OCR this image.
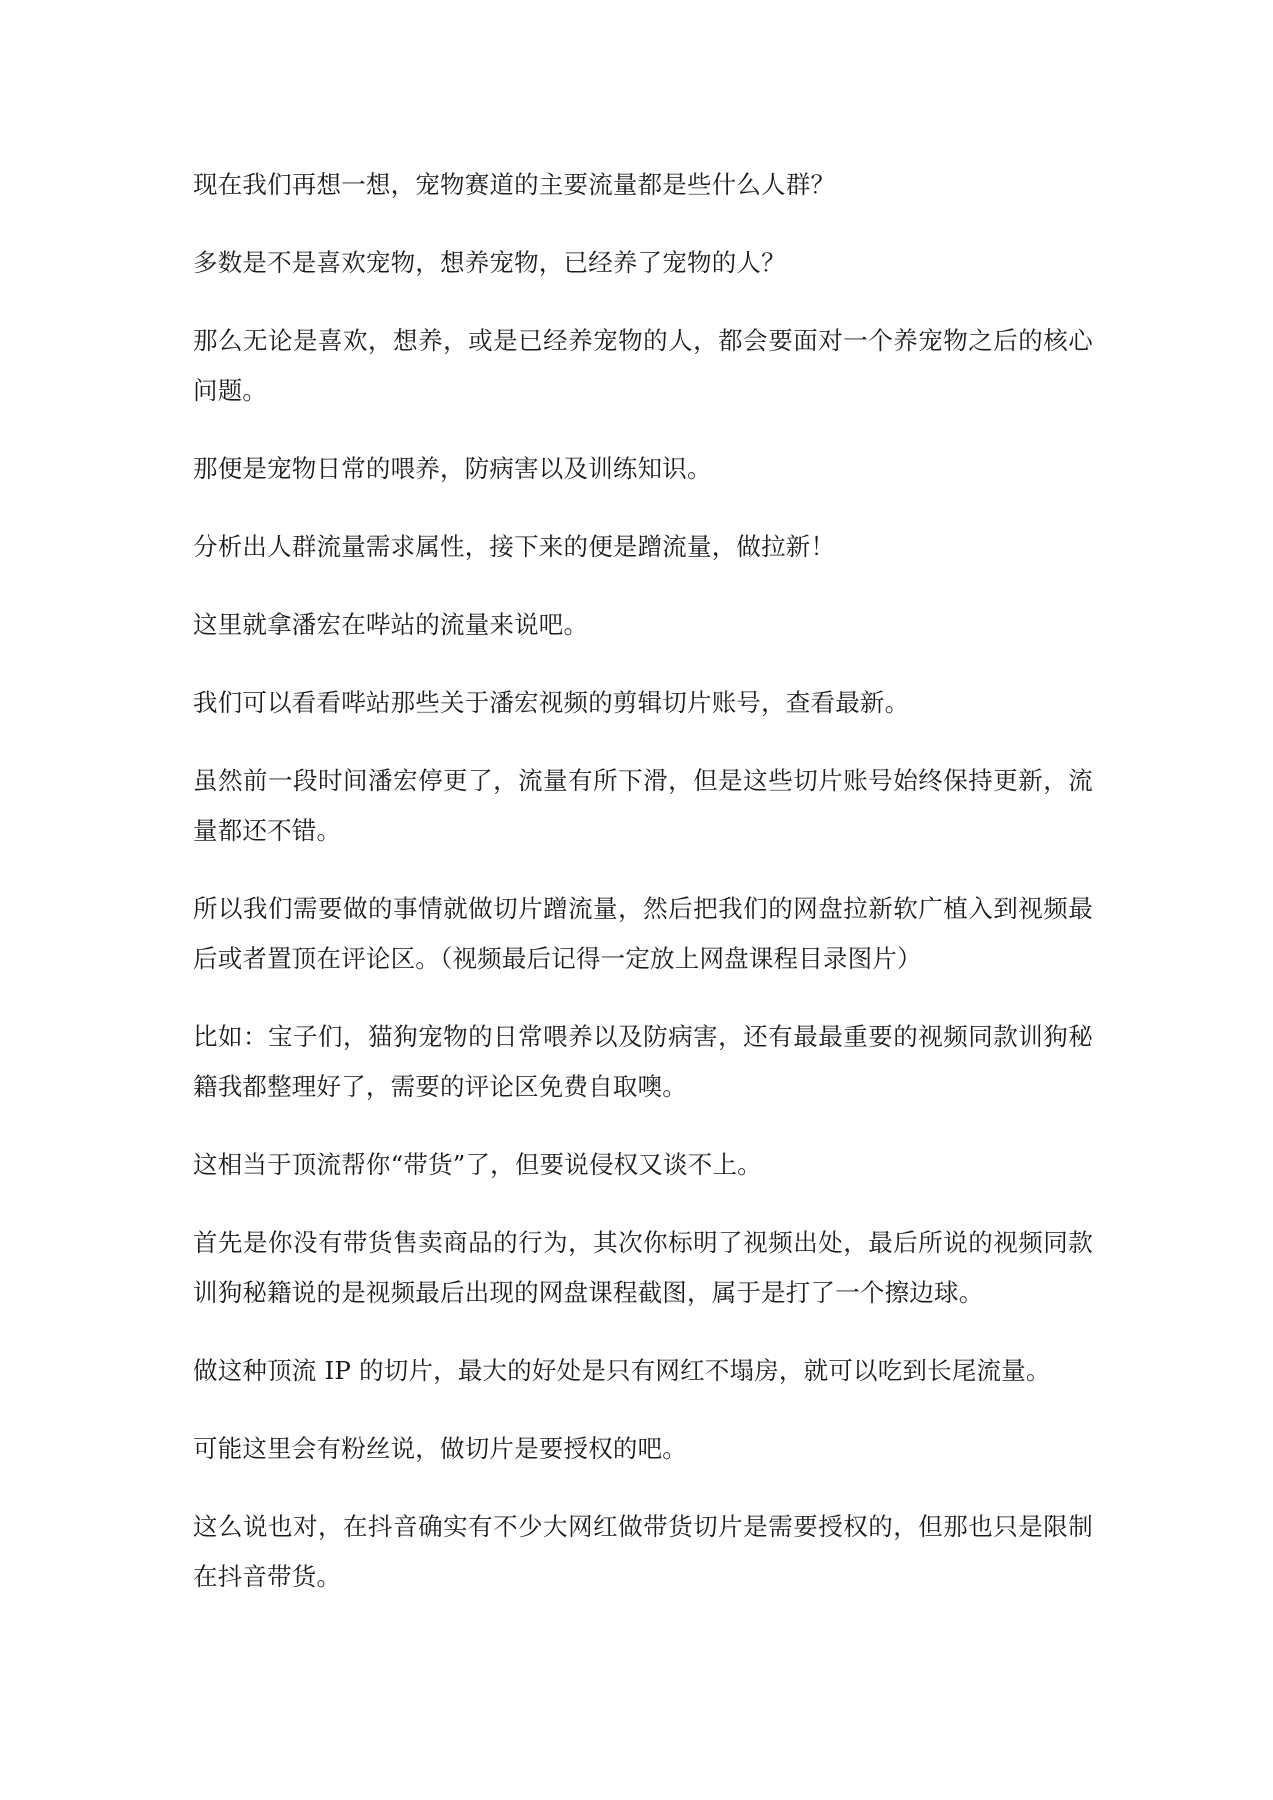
现在我们再想一想，宠物赛道的主要流量都是些什么人群？

多数是不是喜欢宠物，想养宠物，已经养了宠物的人？

那么无论是喜欢，想养，或是已经养宠物的人，都会要面对一个养宠物之后的核心问题。

那便是宠物日常的喂养，防病害以及训练知识。

分析出人群流量需求属性，接下来的便是蹭流量，做拉新！

这里就拿潘宏在哔站的流量来说吧。

我们可以看看哔站那些关于潘宏视频的剪辑切片账号，查看最新。

虽然前一段时间潘宏停更了，流量有所下滑，但是这些切片账号始终保持更新，流量都还不错。

所以我们需要做的事情就做切片蹭流量，然后把我们的网盘拉新软广植入到视频最后或者置顶在评论区。（视频最后记得一定放上网盘课程目录图片）

比如：宝子们，猫狗宠物的日常喂养以及防病害，还有最最重要的视频同款训狗秘籍我都整理好了，需要的评论区免费自取噢。

这相当于顶流帮你“带货”了，但要说侵权又谈不上。

首先是你没有带货售卖商品的行为，其次你标明了视频出处，最后所说的视频同款训狗秘籍说的是视频最后出现的网盘课程截图，属于是打了一个擦边球。

做这种顶流 IP 的切片，最大的好处是只有网红不塌房，就可以吃到长尾流量。

可能这里会有粉丝说，做切片是要授权的吧。

这么说也对，在抖音确实有不少大网红做带货切片是需要授权的，但那也只是限制在抖音带货。
